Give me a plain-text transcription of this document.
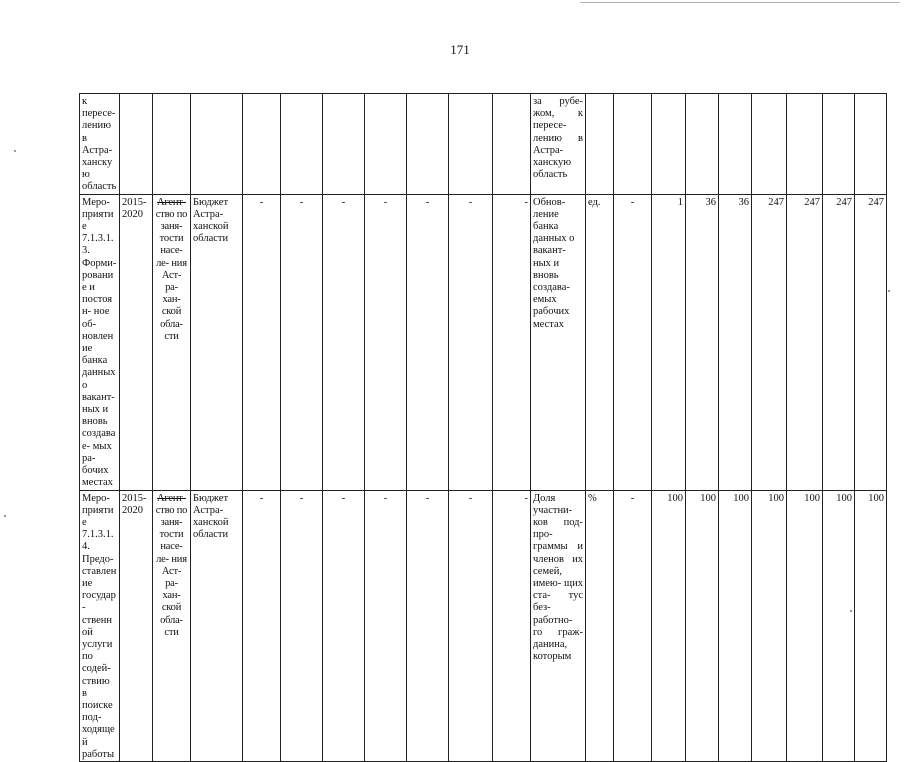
171
к пересе- лению в Астра- ханскую область											за рубе- жом, к пересе- лению в Астра- ханскую область									
Меро- приятие 7.1.3.1.3. Форми- рование и постоян- ное об- новление банка данных о вакант- ных и вновь создавае- мых ра- бочих местах	2015- 2020	Агент-
ство по заня- тости насе- ле- ния Аст- ра- хан- ской обла- сти	Бюджет Астра- ханской области	-	-	-	-	-	-	-	Обнов- ление банка данных о вакант- ных и вновь создава- емых рабочих местах	ед.	-	1	36	36	247	247	247	247
Меро- приятие 7.1.3.1.4. Предо- ставление государ- ственной услуги по содей- ствию в поиске под- ходящей работы	2015- 2020	Агент-
ство по заня- тости насе- ле- ния Аст- ра- хан- ской обла- сти	Бюджет Астра- ханской области	-	-	-	-	-	-	-	Доля участни- ков под- про- граммы и членов их семей, имею- щих ста- тус без- работно- го граж- данина, которым	%	-	100	100	100	100	100	100	100
